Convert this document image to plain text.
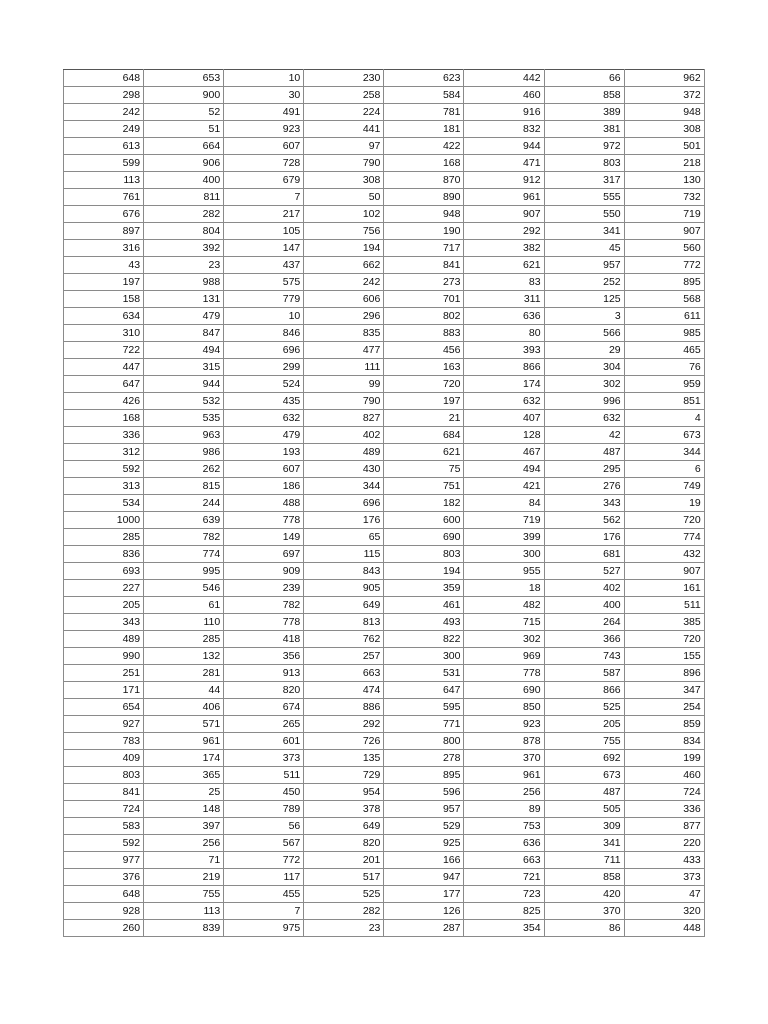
648	653	10	230	623	442	66	962
298	900	30	258	584	460	858	372
242	52	491	224	781	916	389	948
249	51	923	441	181	832	381	308
613	664	607	97	422	944	972	501
599	906	728	790	168	471	803	218
113	400	679	308	870	912	317	130
761	811	7	50	890	961	555	732
676	282	217	102	948	907	550	719
897	804	105	756	190	292	341	907
316	392	147	194	717	382	45	560
43	23	437	662	841	621	957	772
197	988	575	242	273	83	252	895
158	131	779	606	701	311	125	568
634	479	10	296	802	636	3	611
310	847	846	835	883	80	566	985
722	494	696	477	456	393	29	465
447	315	299	111	163	866	304	76
647	944	524	99	720	174	302	959
426	532	435	790	197	632	996	851
168	535	632	827	21	407	632	4
336	963	479	402	684	128	42	673
312	986	193	489	621	467	487	344
592	262	607	430	75	494	295	6
313	815	186	344	751	421	276	749
534	244	488	696	182	84	343	19
1000	639	778	176	600	719	562	720
285	782	149	65	690	399	176	774
836	774	697	115	803	300	681	432
693	995	909	843	194	955	527	907
227	546	239	905	359	18	402	161
205	61	782	649	461	482	400	511
343	110	778	813	493	715	264	385
489	285	418	762	822	302	366	720
990	132	356	257	300	969	743	155
251	281	913	663	531	778	587	896
171	44	820	474	647	690	866	347
654	406	674	886	595	850	525	254
927	571	265	292	771	923	205	859
783	961	601	726	800	878	755	834
409	174	373	135	278	370	692	199
803	365	511	729	895	961	673	460
841	25	450	954	596	256	487	724
724	148	789	378	957	89	505	336
583	397	56	649	529	753	309	877
592	256	567	820	925	636	341	220
977	71	772	201	166	663	711	433
376	219	117	517	947	721	858	373
648	755	455	525	177	723	420	47
928	113	7	282	126	825	370	320
260	839	975	23	287	354	86	448
